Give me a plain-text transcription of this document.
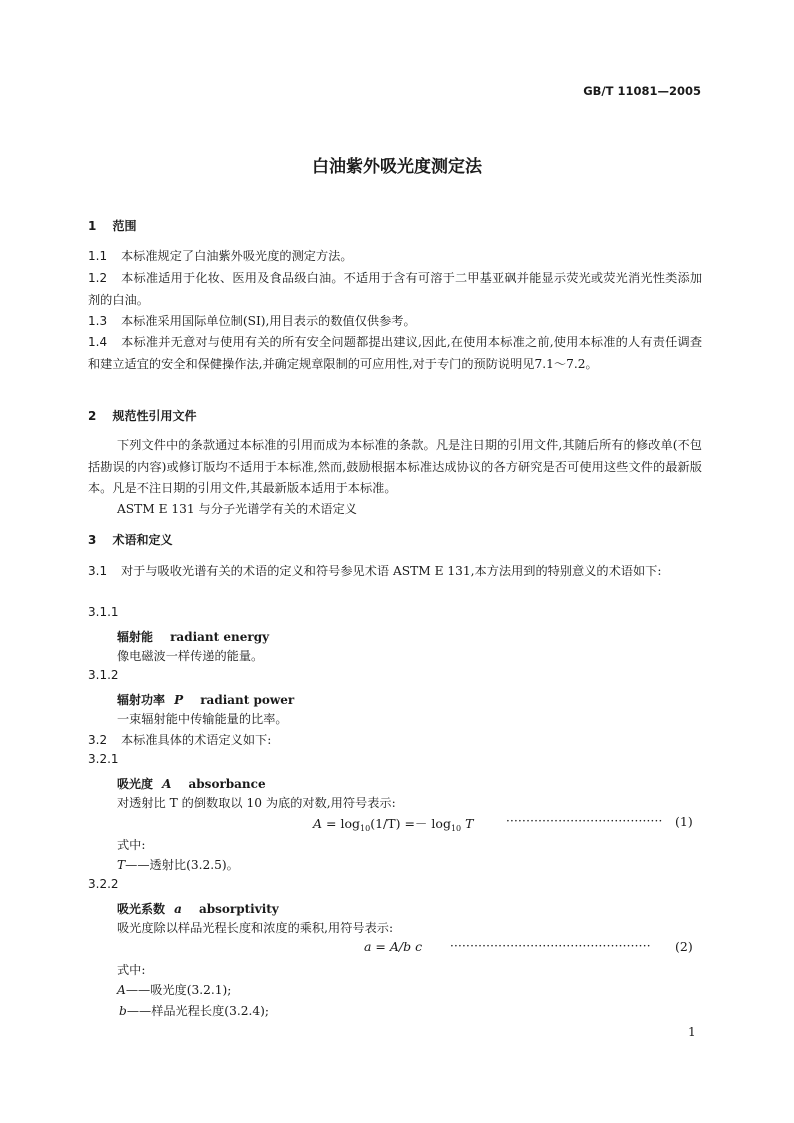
GB/T 11081—2005
白油紫外吸光度测定法
1 范围
1.1 本标准规定了白油紫外吸光度的测定方法。
1.2 本标准适用于化妆、医用及食品级白油。不适用于含有可溶于二甲基亚砜并能显示荧光或荧光消光性类添加剂的白油。
1.3 本标准采用国际单位制(SI),用目表示的数值仅供参考。
1.4 本标准并无意对与使用有关的所有安全问题都提出建议,因此,在使用本标准之前,使用本标准的人有责任调查和建立适宜的安全和保健操作法,并确定规章限制的可应用性,对于专门的预防说明见7.1～7.2。
2 规范性引用文件
下列文件中的条款通过本标准的引用而成为本标准的条款。凡是注日期的引用文件,其随后所有的修改单(不包括勘误的内容)或修订版均不适用于本标准,然而,鼓励根据本标准达成协议的各方研究是否可使用这些文件的最新版本。凡是不注日期的引用文件,其最新版本适用于本标准。
ASTM E 131 与分子光谱学有关的术语定义
3 术语和定义
3.1 对于与吸收光谱有关的术语的定义和符号参见术语 ASTM E 131,本方法用到的特别意义的术语如下:
3.1.1
辐射能 radiant energy
像电磁波一样传递的能量。
3.1.2
辐射功率 P radiant power
一束辐射能中传输能量的比率。
3.2 本标准具体的术语定义如下:
3.2.1
吸光度 A absorbance
对透射比 T 的倒数取以 10 为底的对数,用符号表示:
$A = \log_{10}(1/T) =- \log_{10} T$	······································· (1)
式中:
T——透射比(3.2.5)。
3.2.2
吸光系数 a absorptivity
吸光度除以样品光程长度和浓度的乘积,用符号表示:
a = A/b c ·················································· (2)
式中:
A——吸光度(3.2.1);
b——样品光程长度(3.2.4);
1
